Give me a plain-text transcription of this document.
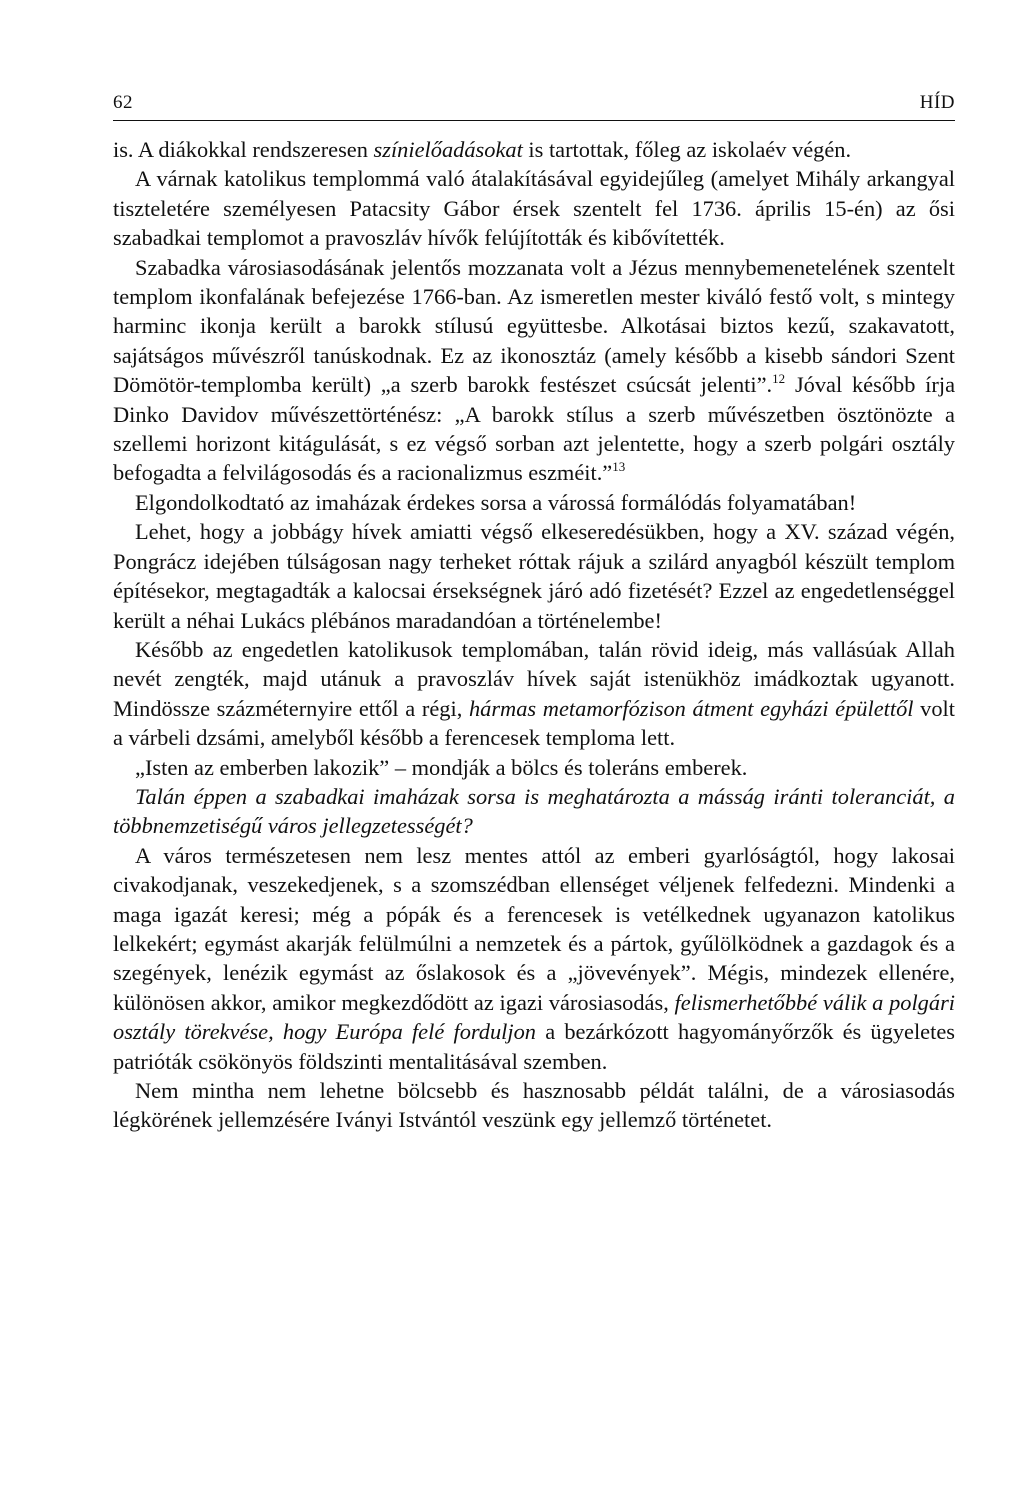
62	HÍD

is. A diákokkal rendszeresen színielőadásokat is tartottak, főleg az iskolaév végén.

A várnak katolikus templommá való átalakításával egyidejűleg (amelyet Mihály arkangyal tiszteletére személyesen Patacsity Gábor érsek szentelt fel 1736. április 15-én) az ősi szabadkai templomot a pravoszláv hívők felújították és kibővítették.

Szabadka városiasodásának jelentős mozzanata volt a Jézus mennybemenetelének szentelt templom ikonfalának befejezése 1766-ban. Az ismeretlen mester kiváló festő volt, s mintegy harminc ikonja került a barokk stílusú együttesbe. Alkotásai biztos kezű, szakavatott, sajátságos művészről tanúskodnak. Ez az ikonosztáz (amely később a kisebb sándori Szent Dömötör-templomba került) „a szerb barokk festészet csúcsát jelenti”.$^{12}$ Jóval később írja Dinko Davidov művészettörténész: „A barokk stílus a szerb művészetben ösztönözte a szellemi horizont kitágulását, s ez végső sorban azt jelentette, hogy a szerb polgári osztály befogadta a felvilágosodás és a racionalizmus eszméit.”$^{13}$

Elgondolkodtató az imaházak érdekes sorsa a várossá formálódás folyamatában!

Lehet, hogy a jobbágy hívek amiatti végső elkeseredésükben, hogy a XV. század végén, Pongrácz idejében túlságosan nagy terheket róttak rájuk a szilárd anyagból készült templom építésekor, megtagadták a kalocsai érsekségnek járó adó fizetését? Ezzel az engedetlenséggel került a néhai Lukács plébános maradandóan a történelembe!

Később az engedetlen katolikusok templomában, talán rövid ideig, más vallásúak Allah nevét zengték, majd utánuk a pravoszláv hívek saját istenükhöz imádkoztak ugyanott. Mindössze százméternyire ettől a régi, hármas metamorfózison átment egyházi épülettől volt a várbeli dzsámi, amelyből később a ferencesek temploma lett.

„Isten az emberben lakozik” – mondják a bölcs és toleráns emberek.

Talán éppen a szabadkai imaházak sorsa is meghatározta a másság iránti toleranciát, a többnemzetiségű város jellegzetességét?

A város természetesen nem lesz mentes attól az emberi gyarlóságtól, hogy lakosai civakodjanak, veszekedjenek, s a szomszédban ellenséget véljenek felfedezni. Mindenki a maga igazát keresi; még a pópák és a ferencesek is vetélkednek ugyanazon katolikus lelkekért; egymást akarják felülmúlni a nemzetek és a pártok, gyűlölködnek a gazdagok és a szegények, lenézik egymást az őslakosok és a „jövevények”. Mégis, mindezek ellenére, különösen akkor, amikor megkezdődött az igazi városiasodás, felismerhetőbbé válik a polgári osztály törekvése, hogy Európa felé forduljon a bezárkózott hagyományőrzők és ügyeletes patrióták csökönyös földszinti mentalitásával szemben.

Nem mintha nem lehetne bölcsebb és hasznosabb példát találni, de a városiasodás légkörének jellemzésére Iványi Istvántól veszünk egy jellemző történetet.
